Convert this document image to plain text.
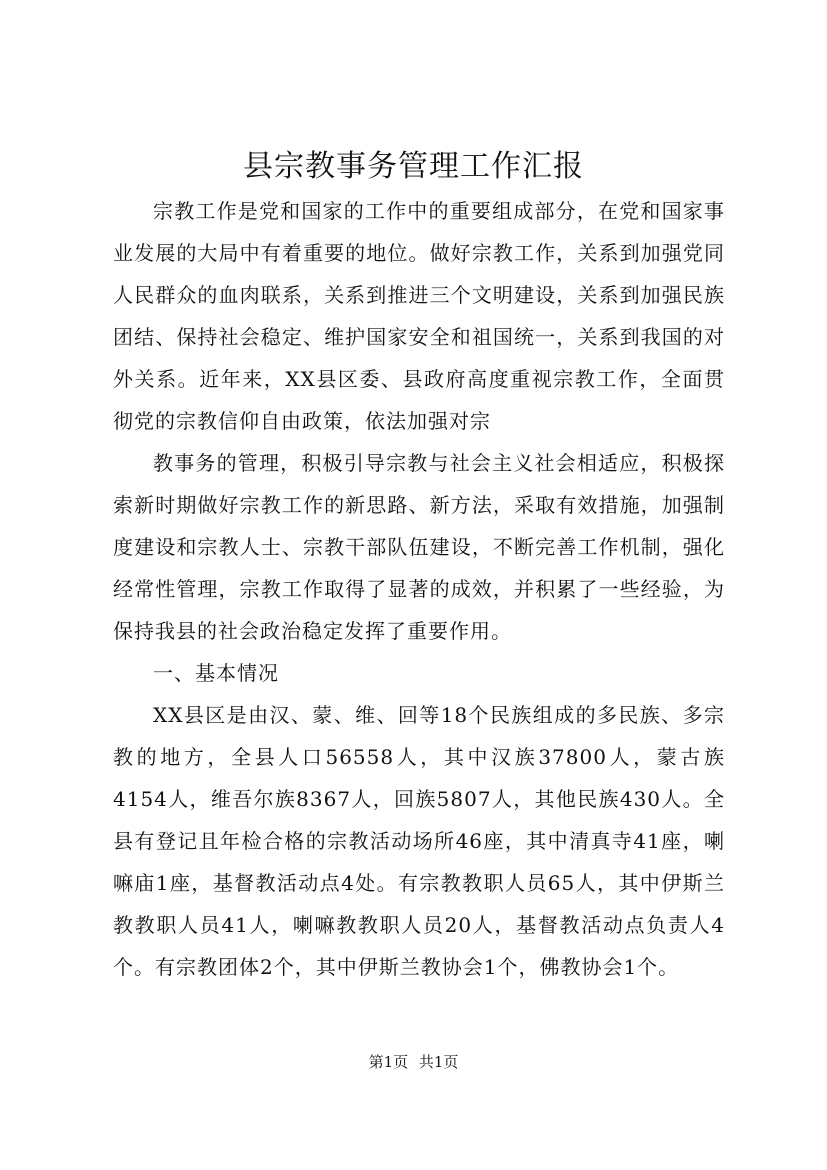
县宗教事务管理工作汇报

宗教工作是党和国家的工作中的重要组成部分，在党和国家事业发展的大局中有着重要的地位。做好宗教工作，关系到加强党同人民群众的血肉联系，关系到推进三个文明建设，关系到加强民族团结、保持社会稳定、维护国家安全和祖国统一，关系到我国的对外关系。近年来，XX县区委、县政府高度重视宗教工作，全面贯彻党的宗教信仰自由政策，依法加强对宗

教事务的管理，积极引导宗教与社会主义社会相适应，积极探索新时期做好宗教工作的新思路、新方法，采取有效措施，加强制度建设和宗教人士、宗教干部队伍建设，不断完善工作机制，强化经常性管理，宗教工作取得了显著的成效，并积累了一些经验，为保持我县的社会政治稳定发挥了重要作用。

一、基本情况

XX县区是由汉、蒙、维、回等18个民族组成的多民族、多宗教的地方，全县人口56558人，其中汉族37800人，蒙古族4154人，维吾尔族8367人，回族5807人，其他民族430人。全县有登记且年检合格的宗教活动场所46座，其中清真寺41座，喇嘛庙1座，基督教活动点4处。有宗教教职人员65人，其中伊斯兰教教职人员41人，喇嘛教教职人员20人，基督教活动点负责人4个。有宗教团体2个，其中伊斯兰教协会1个，佛教协会1个。

第1页 共1页
